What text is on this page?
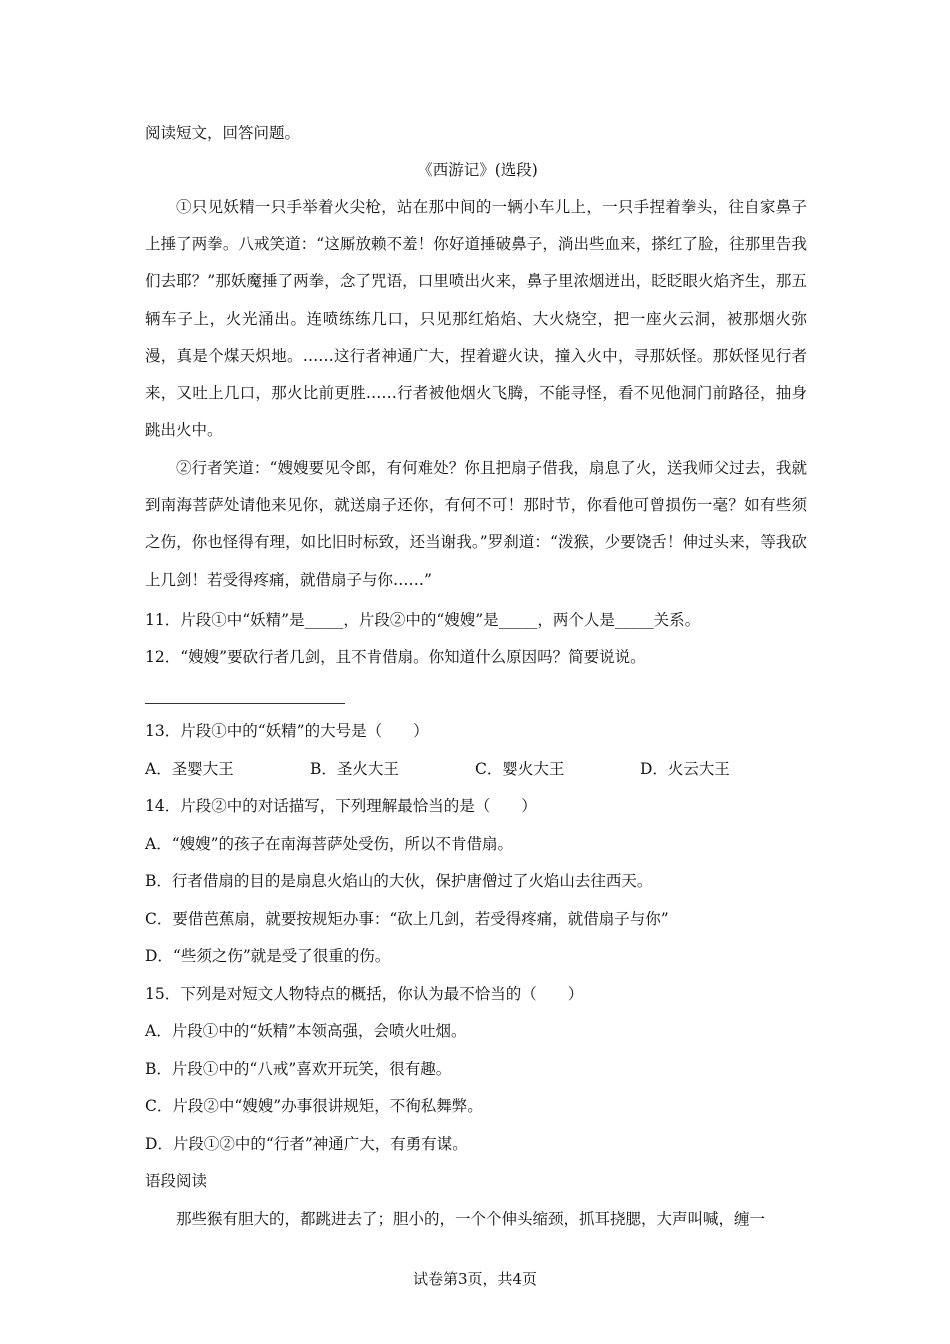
阅读短文，回答问题。
《西游记》(选段)
①只见妖精一只手举着火尖枪，站在那中间的一辆小车儿上，一只手捏着拳头，往自家鼻子上捶了两拳。八戒笑道：“这厮放赖不羞！你好道捶破鼻子，淌出些血来，搽红了脸，往那里告我们去耶？”那妖魔捶了两拳，念了咒语，口里喷出火来，鼻子里浓烟迸出，眨眨眼火焰齐生，那五辆车子上，火光涌出。连喷练练几口，只见那红焰焰、大火烧空，把一座火云洞，被那烟火弥漫，真是个煤天炽地。……这行者神通广大，捏着避火诀，撞入火中，寻那妖怪。那妖怪见行者来，又吐上几口，那火比前更胜……行者被他烟火飞腾，不能寻怪，看不见他洞门前路径，抽身跳出火中。
②行者笑道：“嫂嫂要见令郎，有何难处？你且把扇子借我，扇息了火，送我师父过去，我就到南海菩萨处请他来见你，就送扇子还你，有何不可！那时节，你看他可曾损伤一毫？如有些须之伤，你也怪得有理，如比旧时标致，还当谢我。”罗刹道：“泼猴，少要饶舌！伸过头来，等我砍上几剑！若受得疼痛，就借扇子与你……”
11．片段①中“妖精”是_____，片段②中的“嫂嫂”是_____，两个人是_____关系。
12．“嫂嫂”要砍行者几剑，且不肯借扇。你知道什么原因吗？简要说说。
13．片段①中的“妖精”的大号是（　　）
A．圣婴大王	B．圣火大王	C．婴火大王	D．火云大王
14．片段②中的对话描写，下列理解最恰当的是（　　）
A．“嫂嫂”的孩子在南海菩萨处受伤，所以不肯借扇。
B．行者借扇的目的是扇息火焰山的大伙，保护唐僧过了火焰山去往西天。
C．要借芭蕉扇，就要按规矩办事：“砍上几剑，若受得疼痛，就借扇子与你”
D．“些须之伤”就是受了很重的伤。
15．下列是对短文人物特点的概括，你认为最不恰当的（　　）
A．片段①中的“妖精”本领高强，会喷火吐烟。
B．片段①中的“八戒”喜欢开玩笑，很有趣。
C．片段②中“嫂嫂”办事很讲规矩，不徇私舞弊。
D．片段①②中的“行者”神通广大，有勇有谋。
语段阅读
那些猴有胆大的，都跳进去了；胆小的，一个个伸头缩颈，抓耳挠腮，大声叫喊，缠一
试卷第3页，共4页
